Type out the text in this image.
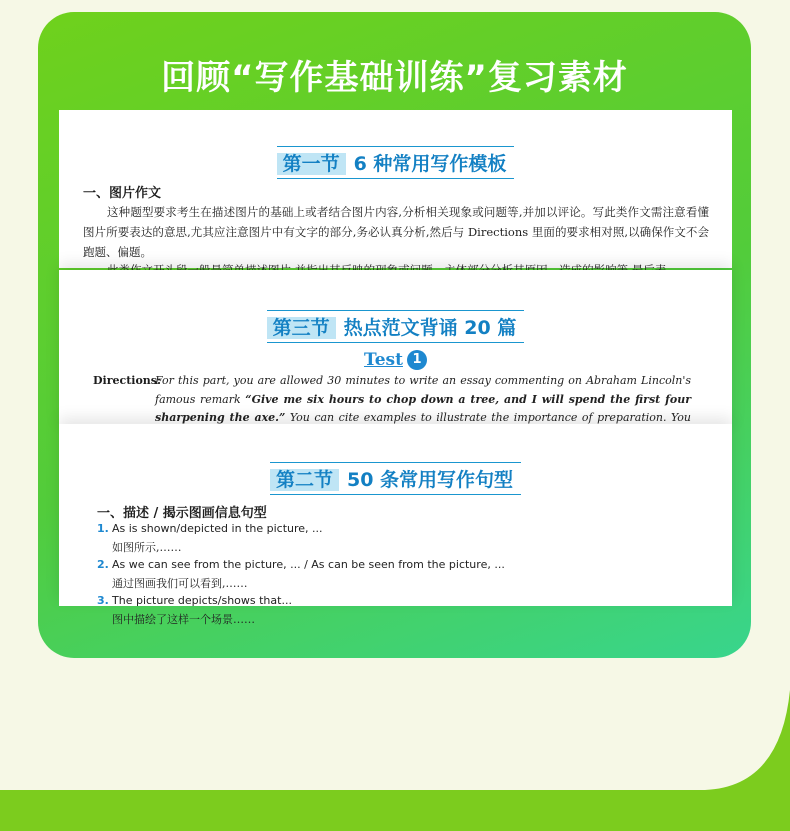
回顾“写作基础训练”复习素材
第一节 6 种常用写作模板
一、图片作文
这种题型要求考生在描述图片的基础上或者结合图片内容,分析相关现象或问题等,并加以评论。写此类作文需注意看懂图片所要表达的意思,尤其应注意图片中有文字的部分,务必认真分析,然后与 Directions 里面的要求相对照,以确保作文不会跑题、偏题。
第三节 热点范文背诵 20 篇
Test 1
Directions:
For this part, you are allowed 30 minutes to write an essay commenting on Abraham Lincoln's famous remark “Give me six hours to chop down a tree, and I will spend the first four sharpening the axe.” You can cite examples to illustrate the importance of preparation. You
第二节 50 条常用写作句型
一、描述 / 揭示图画信息句型
1. As is shown/depicted in the picture, ...
如图所示,……
2. As we can see from the picture, ... / As can be seen from the picture, ...
通过图画我们可以看到,……
3. The picture depicts/shows that...
图中描绘了这样一个场景……
